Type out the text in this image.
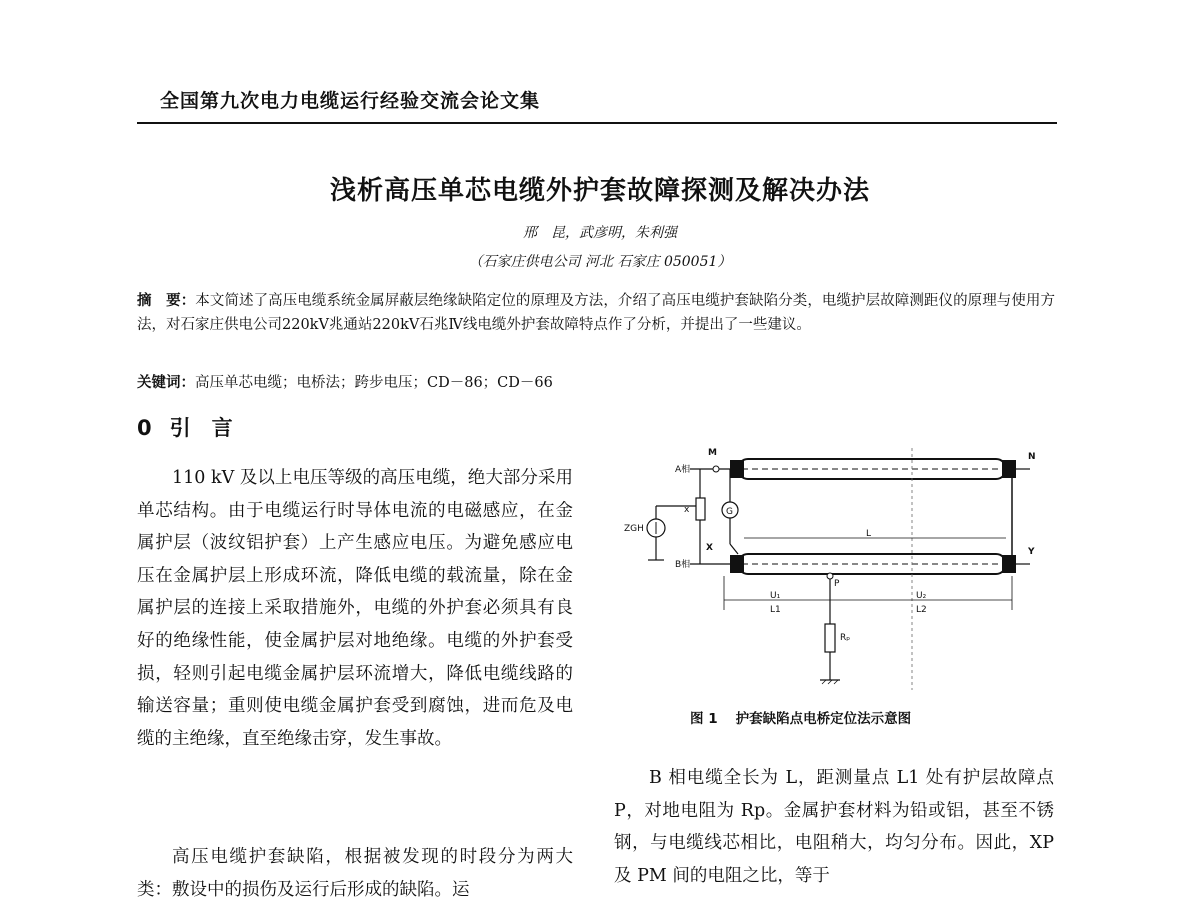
全国第九次电力电缆运行经验交流会论文集
浅析高压单芯电缆外护套故障探测及解决办法
邢　昆，武彦明，朱利强
（石家庄供电公司 河北 石家庄 050051）
摘　要：本文简述了高压电缆系统金属屏蔽层绝缘缺陷定位的原理及方法，介绍了高压电缆护套缺陷分类，电缆护层故障测距仪的原理与使用方法，对石家庄供电公司220kV兆通站220kV石兆Ⅳ线电缆外护套故障特点作了分析，并提出了一些建议。
关键词：高压单芯电缆；电桥法；跨步电压；CD－86；CD－66
0 引　言
110 kV 及以上电压等级的高压电缆，绝大部分采用单芯结构。由于电缆运行时导体电流的电磁感应，在金属护层（波纹铝护套）上产生感应电压。为避免感应电压在金属护层上形成环流，降低电缆的载流量，除在金属护层的连接上采取措施外，电缆的外护套必须具有良好的绝缘性能，使金属护层对地绝缘。电缆的外护套受损，轻则引起电缆金属护层环流增大，降低电缆线路的输送容量；重则使电缆金属护套受到腐蚀，进而危及电缆的主绝缘，直至绝缘击穿，发生事故。
高压电缆护套缺陷，根据被发现的时段分为两大类：敷设中的损伤及运行后形成的缺陷。运
M	N
A相
B相
X	Y
x	G
ZGH	L
P
U₁
L1
U₂
L2
Rₚ
图 1 护套缺陷点电桥定位法示意图
B 相电缆全长为 L，距测量点 L1 处有护层故障点 P，对地电阻为 Rp。金属护套材料为铅或铝，甚至不锈钢，与电缆线芯相比，电阻稍大，均匀分布。因此，XP 及 PM 间的电阻之比，等于
